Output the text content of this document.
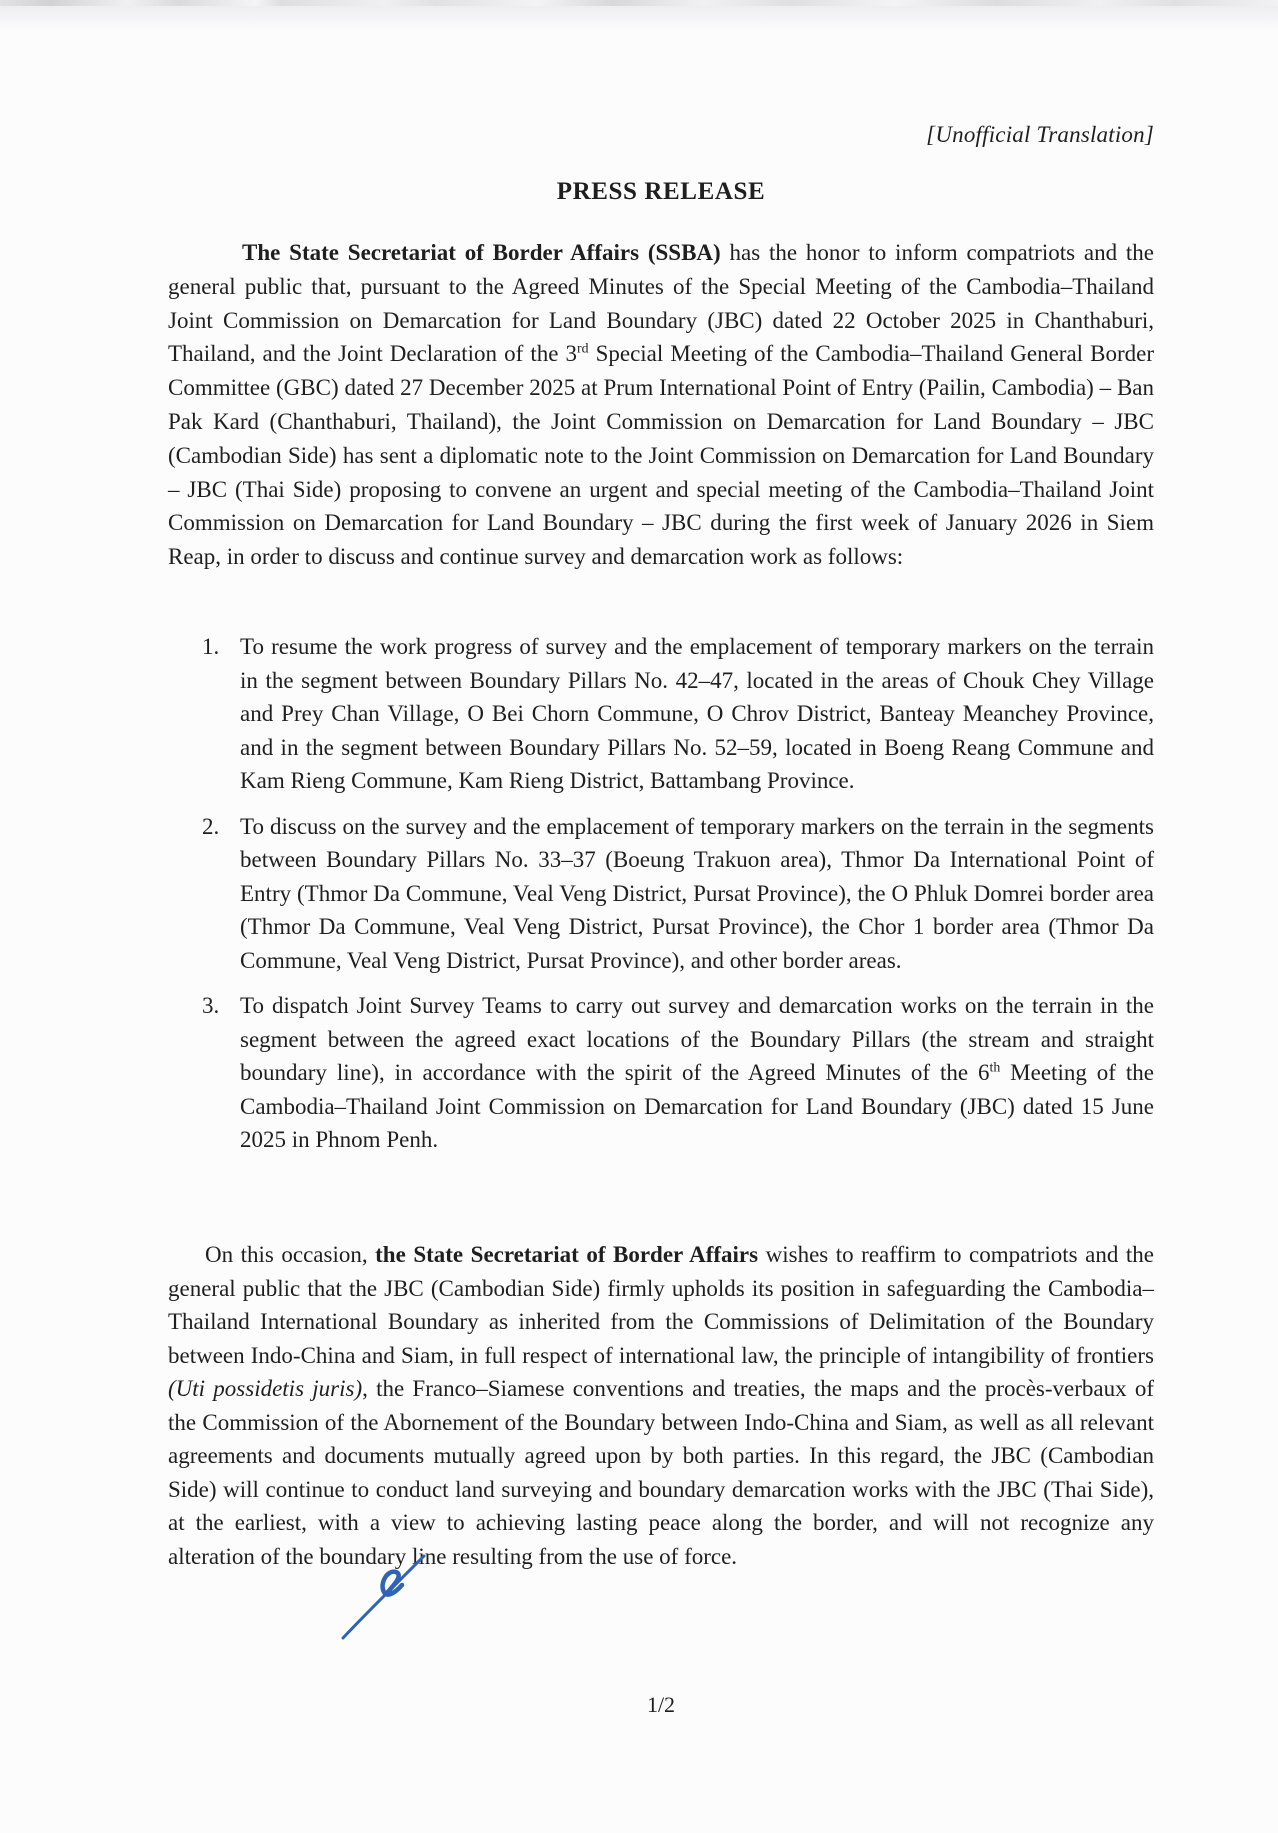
[Unofficial Translation]
PRESS RELEASE
The State Secretariat of Border Affairs (SSBA) has the honor to inform compatriots and the general public that, pursuant to the Agreed Minutes of the Special Meeting of the Cambodia–Thailand Joint Commission on Demarcation for Land Boundary (JBC) dated 22 October 2025 in Chanthaburi, Thailand, and the Joint Declaration of the 3rd Special Meeting of the Cambodia–Thailand General Border Committee (GBC) dated 27 December 2025 at Prum International Point of Entry (Pailin, Cambodia) – Ban Pak Kard (Chanthaburi, Thailand), the Joint Commission on Demarcation for Land Boundary – JBC (Cambodian Side) has sent a diplomatic note to the Joint Commission on Demarcation for Land Boundary – JBC (Thai Side) proposing to convene an urgent and special meeting of the Cambodia–Thailand Joint Commission on Demarcation for Land Boundary – JBC during the first week of January 2026 in Siem Reap, in order to discuss and continue survey and demarcation work as follows:
1. To resume the work progress of survey and the emplacement of temporary markers on the terrain in the segment between Boundary Pillars No. 42–47, located in the areas of Chouk Chey Village and Prey Chan Village, O Bei Chorn Commune, O Chrov District, Banteay Meanchey Province, and in the segment between Boundary Pillars No. 52–59, located in Boeng Reang Commune and Kam Rieng Commune, Kam Rieng District, Battambang Province.
2. To discuss on the survey and the emplacement of temporary markers on the terrain in the segments between Boundary Pillars No. 33–37 (Boeung Trakuon area), Thmor Da International Point of Entry (Thmor Da Commune, Veal Veng District, Pursat Province), the O Phluk Domrei border area (Thmor Da Commune, Veal Veng District, Pursat Province), the Chor 1 border area (Thmor Da Commune, Veal Veng District, Pursat Province), and other border areas.
3. To dispatch Joint Survey Teams to carry out survey and demarcation works on the terrain in the segment between the agreed exact locations of the Boundary Pillars (the stream and straight boundary line), in accordance with the spirit of the Agreed Minutes of the 6th Meeting of the Cambodia–Thailand Joint Commission on Demarcation for Land Boundary (JBC) dated 15 June 2025 in Phnom Penh.
On this occasion, the State Secretariat of Border Affairs wishes to reaffirm to compatriots and the general public that the JBC (Cambodian Side) firmly upholds its position in safeguarding the Cambodia–Thailand International Boundary as inherited from the Commissions of Delimitation of the Boundary between Indo-China and Siam, in full respect of international law, the principle of intangibility of frontiers (Uti possidetis juris), the Franco–Siamese conventions and treaties, the maps and the procès-verbaux of the Commission of the Abornement of the Boundary between Indo-China and Siam, as well as all relevant agreements and documents mutually agreed upon by both parties. In this regard, the JBC (Cambodian Side) will continue to conduct land surveying and boundary demarcation works with the JBC (Thai Side), at the earliest, with a view to achieving lasting peace along the border, and will not recognize any alteration of the boundary line resulting from the use of force.
1/2
